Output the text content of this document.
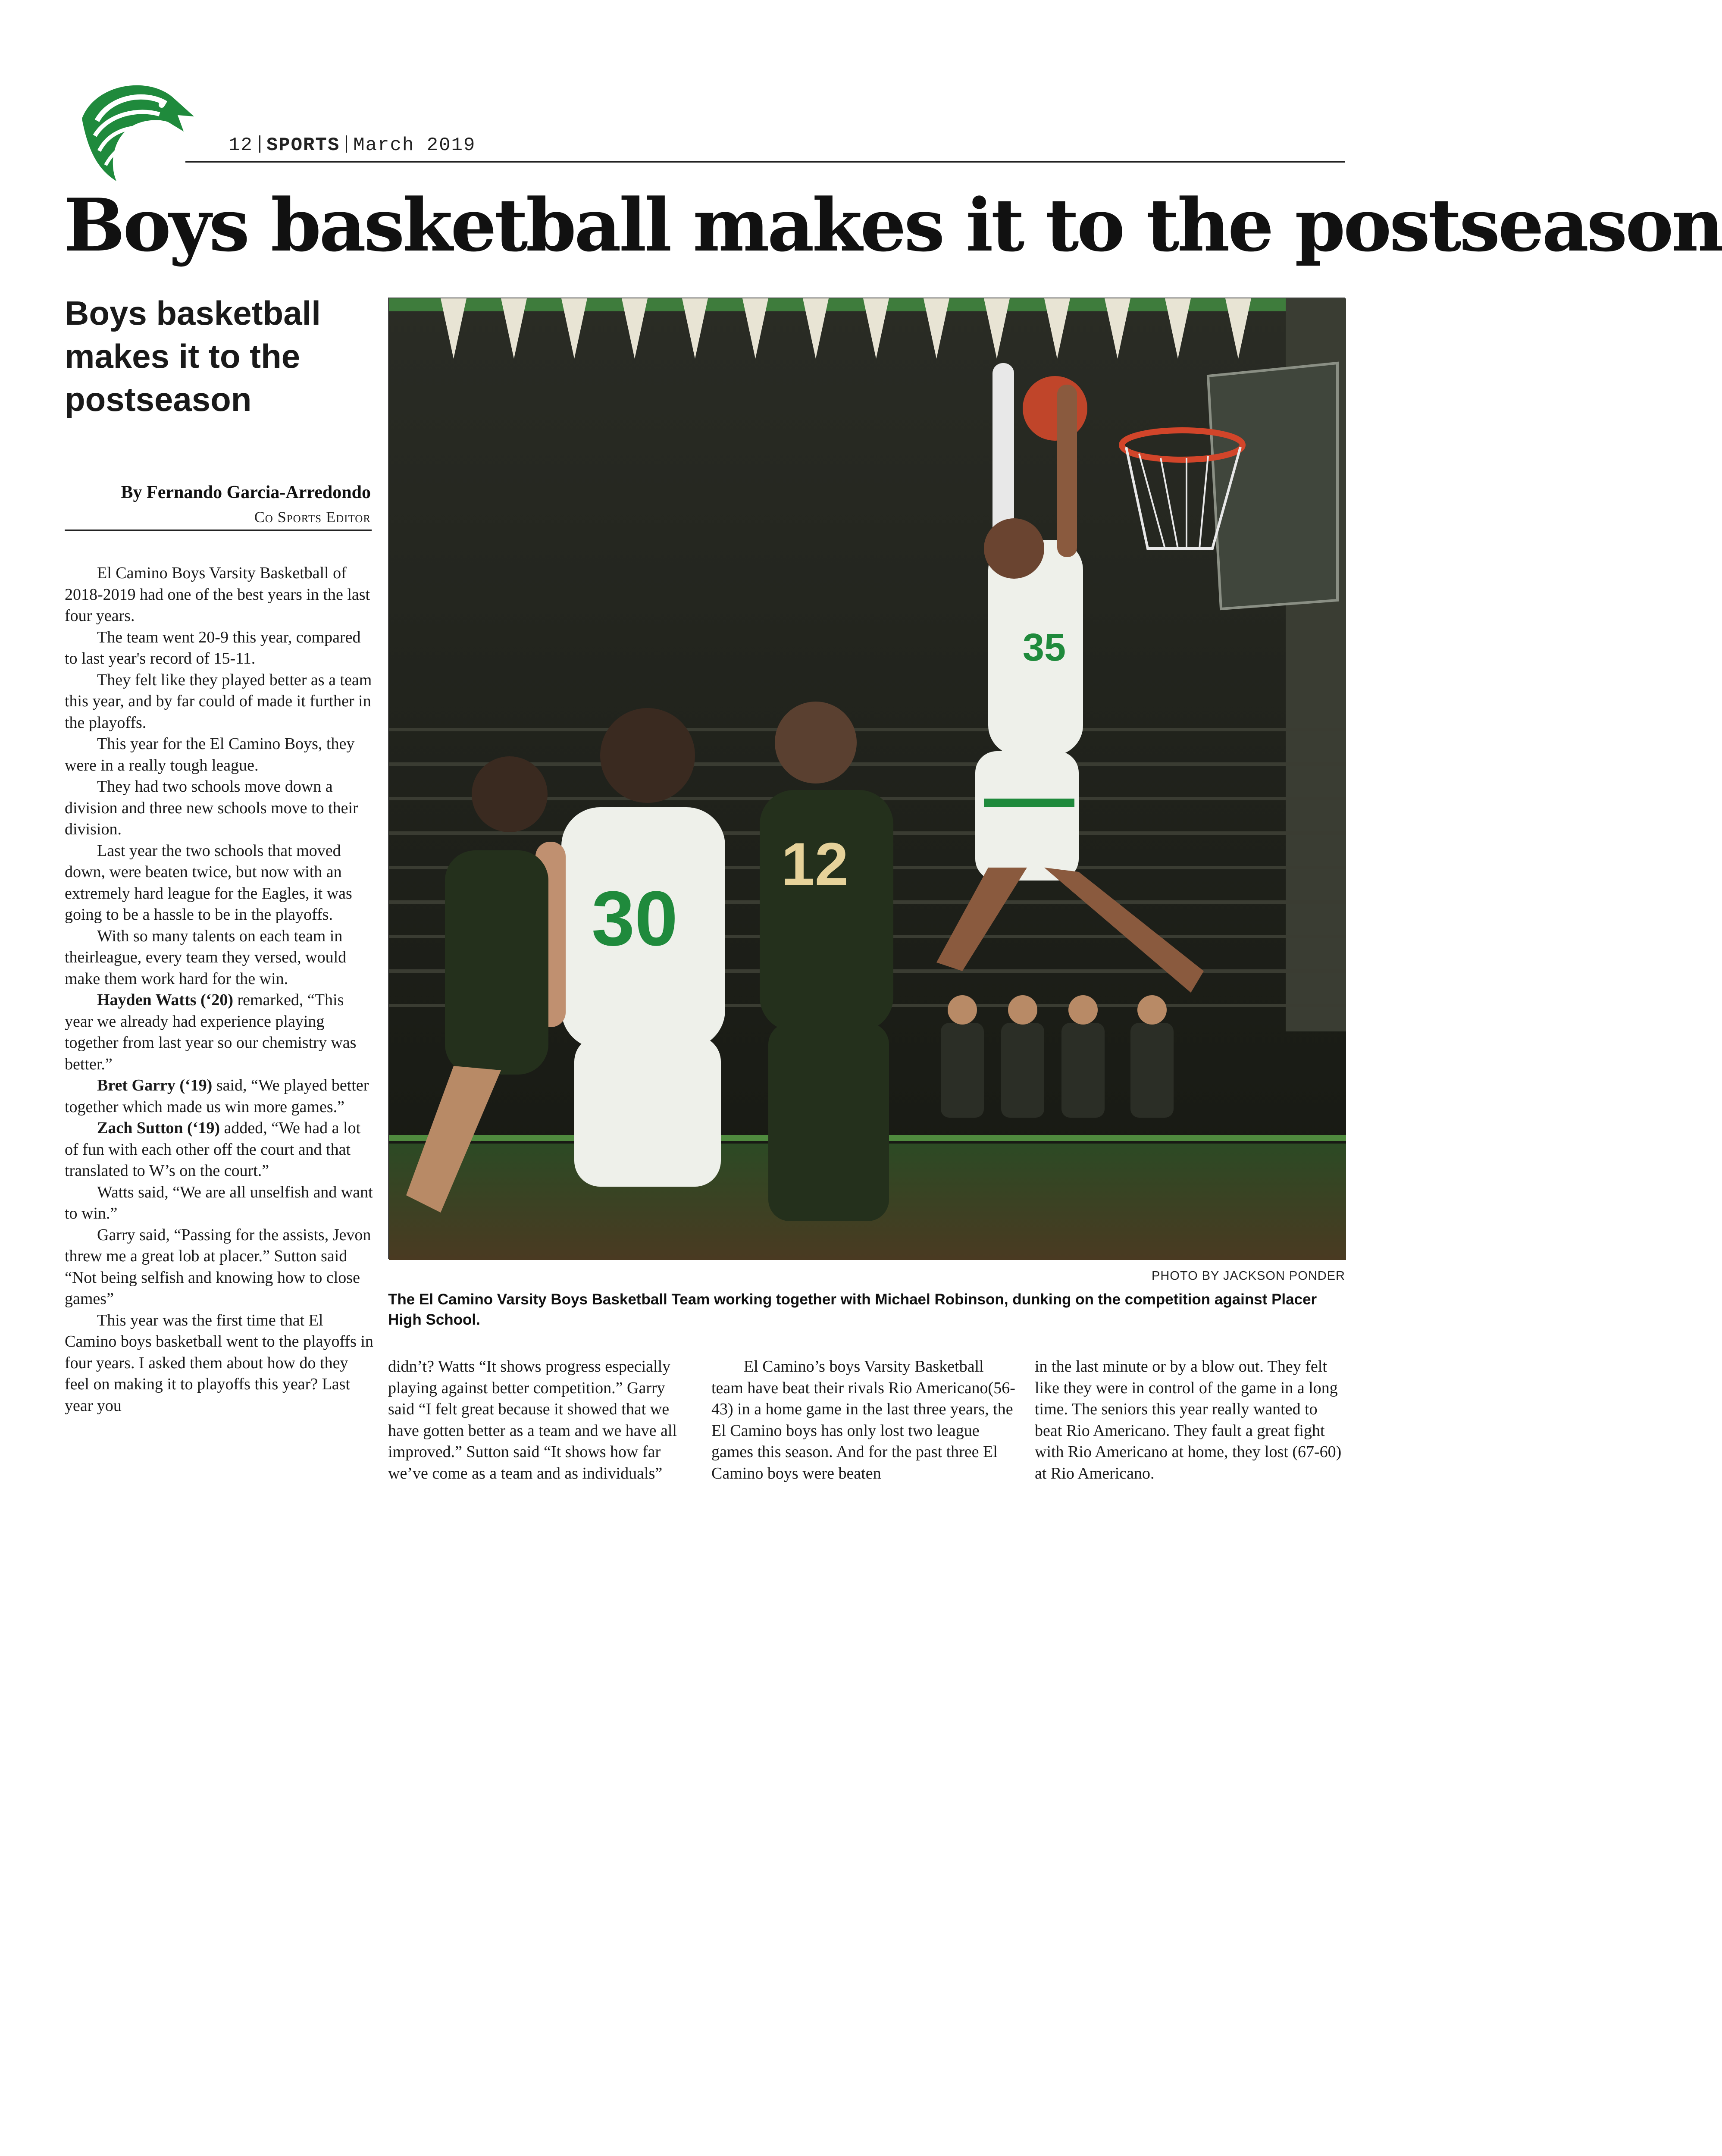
12 SPORTS March 2019
Boys basketball makes it to the postseason
Boys basketball makes it to the postseason
By Fernando Garcia-Arredondo
Co Sports Editor

El Camino Boys Varsity Basketball of 2018-2019 had one of the best years in the last four years.

The team went 20-9 this year, compared to last year's record of 15-11.

They felt like they played better as a team this year, and by far could of made it further in the playoffs.

This year for the El Camino Boys, they were in a really tough league.

They had two schools move down a division and three new schools move to their division.

Last year the two schools that moved down, were beaten twice, but now with an extremely hard league for the Eagles, it was going to be a hassle to be in the playoffs.

With so many talents on each team in theirleague, every team they versed, would make them work hard for the win.

Hayden Watts (‘20) remarked, “This year we already had experience playing together from last year so our chemistry was better.”

Bret Garry (‘19) said, “We played better together which made us win more games.”

Zach Sutton (‘19) added, “We had a lot of fun with each other off the court and that translated to W’s on the court.”

Watts said, “We are all unselfish and want to win.”

Garry said, “Passing for the assists, Jevon threw me a great lob at placer.” Sutton said “Not being selfish and knowing how to close games”

This year was the first time that El Camino boys basketball went to the playoffs in four years. I asked them about how do they feel on making it to playoffs this year? Last year you

35
30
12
PHOTO BY JACKSON PONDER
The El Camino Varsity Boys Basketball Team working together with Michael Robinson, dunking on the competition against Placer High School.

didn’t? Watts “It shows progress especially playing against better competition.” Garry said “I felt great because it showed that we have gotten better as a team and we have all improved.” Sutton said “It shows how far we’ve come as a team and as individuals”

El Camino’s boys Varsity Basketball team have beat their rivals Rio Americano(56-43) in a home game in the last three years, the El Camino boys has only lost two league games this season. And for the past three El Camino boys were beaten

in the last minute or by a blow out. They felt like they were in control of the game in a long time. The seniors this year really wanted to beat Rio Americano. They fault a great fight with Rio Americano at home, they lost (67-60) at Rio Americano.
